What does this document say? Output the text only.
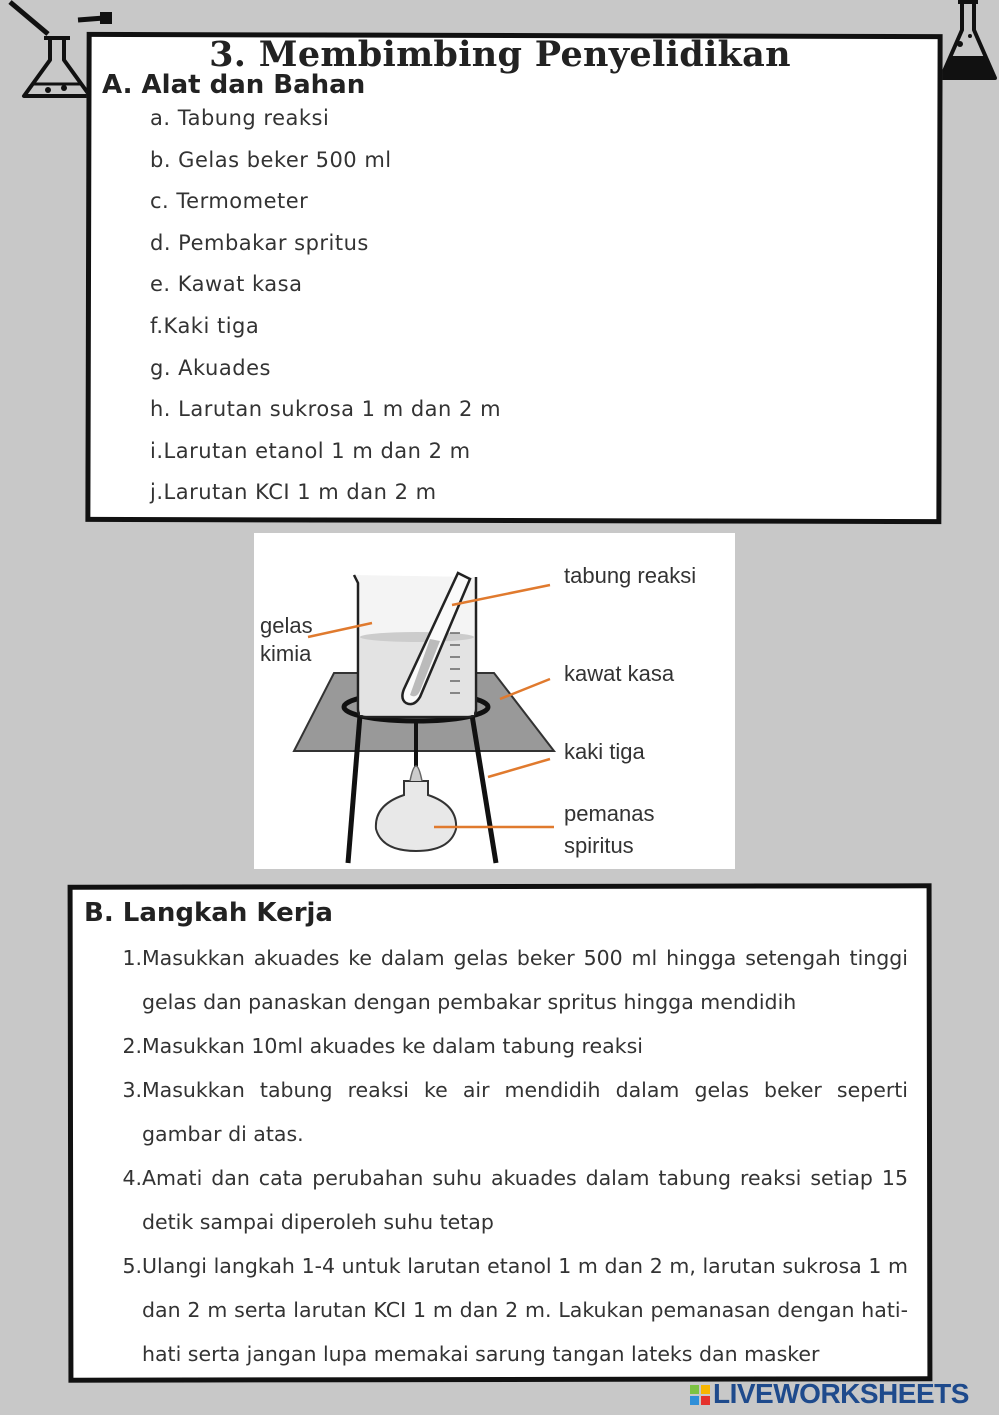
3. Membimbing Penyelidikan
A. Alat dan Bahan
a. Tabung reaksi
b. Gelas beker 500 ml
c. Termometer
d. Pembakar spritus
e. Kawat kasa
f.Kaki tiga
g. Akuades
h. Larutan sukrosa 1 m dan 2 m
i.Larutan etanol 1 m dan 2 m
j.Larutan KCI 1 m dan 2 m
gelas
kimia
tabung reaksi
kawat kasa
kaki tiga
pemanas
spiritus
B. Langkah Kerja
1. Masukkan akuades ke dalam gelas beker 500 ml hingga setengah tinggi gelas dan panaskan dengan pembakar spritus hingga mendidih
2. Masukkan 10ml akuades ke dalam tabung reaksi
3. Masukkan tabung reaksi ke air mendidih dalam gelas beker seperti gambar di atas.
4. Amati dan cata perubahan suhu akuades dalam tabung reaksi setiap 15 detik sampai diperoleh suhu tetap
5. Ulangi langkah 1-4 untuk larutan etanol 1 m dan 2 m, larutan sukrosa 1 m dan 2 m serta larutan KCI 1 m dan 2 m. Lakukan pemanasan dengan hati-hati serta jangan lupa memakai sarung tangan lateks dan masker
LIVEWORKSHEETS
